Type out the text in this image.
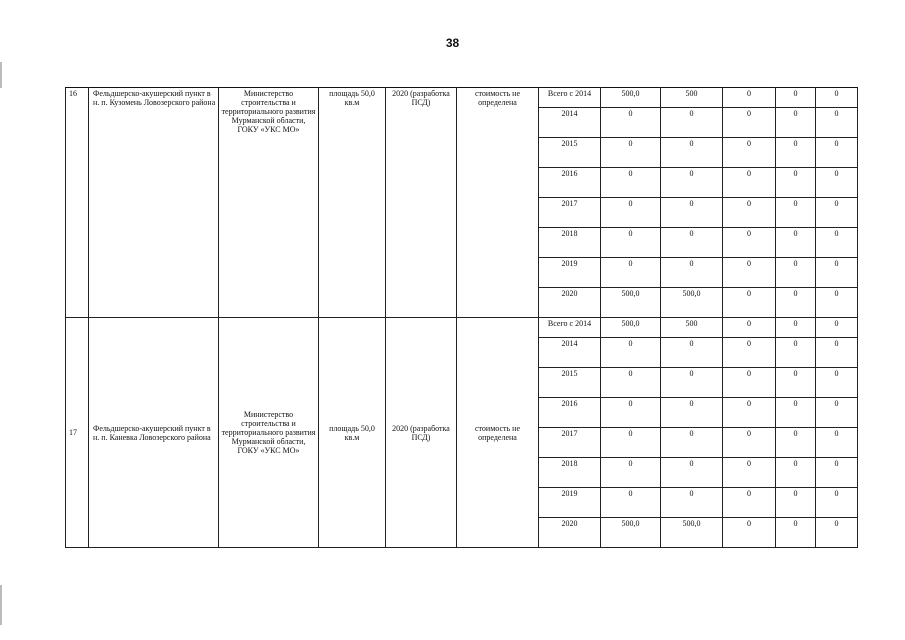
38
16	Фельдшерско-акушерский пункт в н. п. Кузомень Ловозерского района	Министерство строительства и территориального развития Мурманской области, ГОКУ «УКС МО»	площадь 50,0 кв.м	2020 (разработка ПСД)	стоимость не определена	Всего с 2014	500,0	500	0	0	0
						2014	0	0	0	0	0
						2015	0	0	0	0	0
						2016	0	0	0	0	0
						2017	0	0	0	0	0
						2018	0	0	0	0	0
						2019	0	0	0	0	0
						2020	500,0	500,0	0	0	0
17	Фельдшерско-акушерский пункт в н. п. Каневка Ловозерского района	Министерство строительства и территориального развития Мурманской области, ГОКУ «УКС МО»	площадь 50,0 кв.м	2020 (разработка ПСД)	стоимость не определена	Всего с 2014	500,0	500	0	0	0
						2014	0	0	0	0	0
						2015	0	0	0	0	0
						2016	0	0	0	0	0
						2017	0	0	0	0	0
						2018	0	0	0	0	0
						2019	0	0	0	0	0
						2020	500,0	500,0	0	0	0
